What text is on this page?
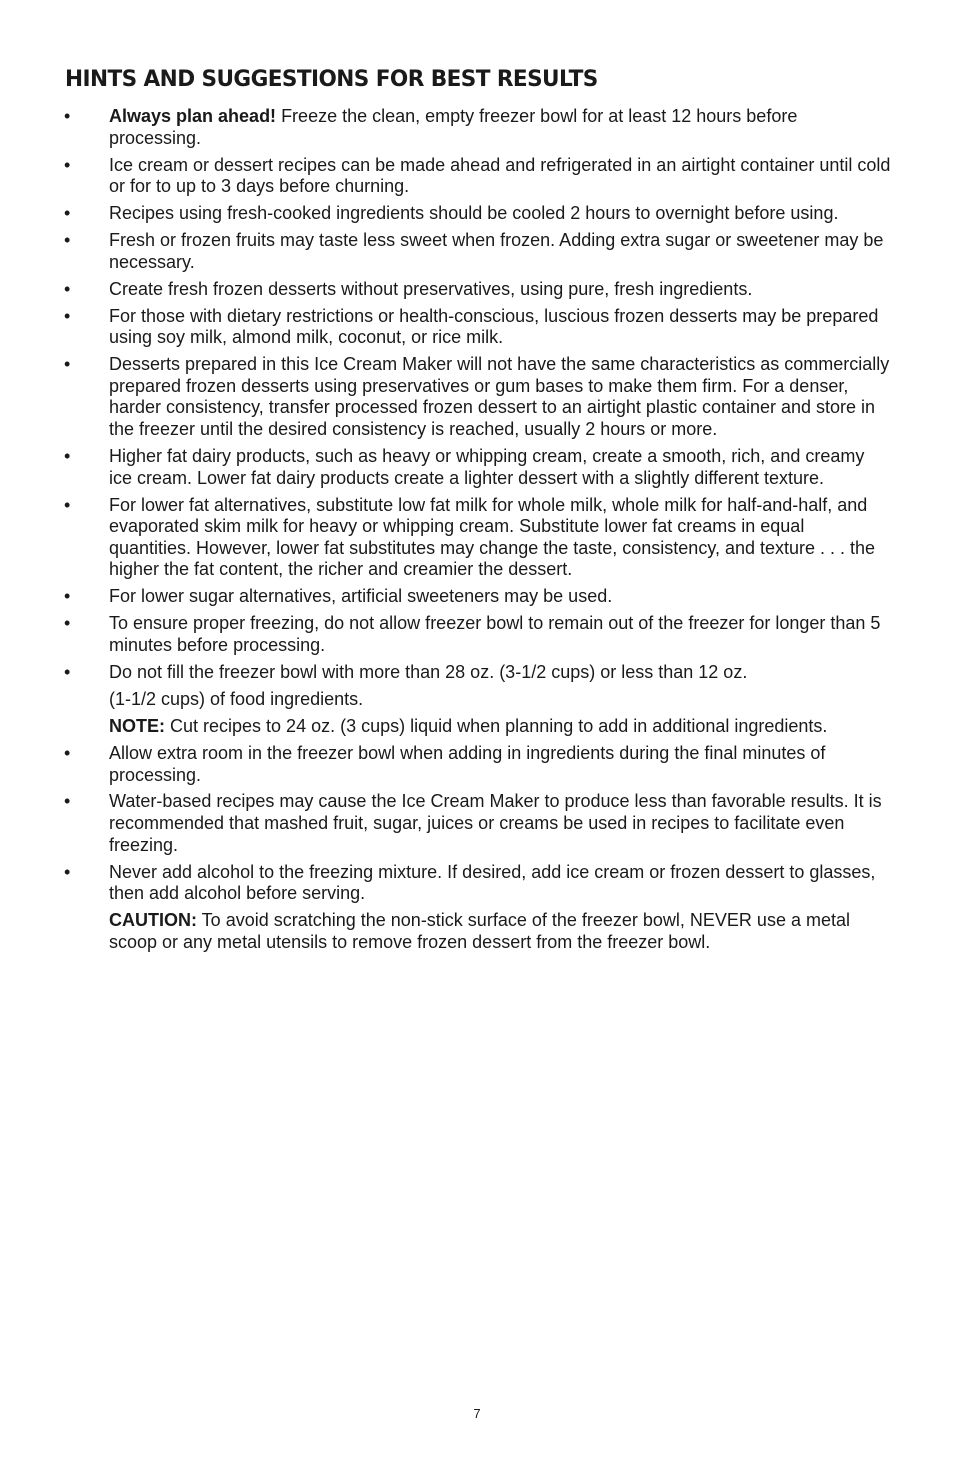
HINTS AND SUGGESTIONS FOR BEST RESULTS
• Always plan ahead! Freeze the clean, empty freezer bowl for at least 12 hours before processing.
• Ice cream or dessert recipes can be made ahead and refrigerated in an airtight container until cold or for to up to 3 days before churning.
• Recipes using fresh-cooked ingredients should be cooled 2 hours to overnight before using.
• Fresh or frozen fruits may taste less sweet when frozen. Adding extra sugar or sweetener may be necessary.
• Create fresh frozen desserts without preservatives, using pure, fresh ingredients.
• For those with dietary restrictions or health-conscious, luscious frozen desserts may be prepared using soy milk, almond milk, coconut, or rice milk.
• Desserts prepared in this Ice Cream Maker will not have the same characteristics as commercially prepared frozen desserts using preservatives or gum bases to make them firm. For a denser, harder consistency, transfer processed frozen dessert to an airtight plastic container and store in the freezer until the desired consistency is reached, usually 2 hours or more.
• Higher fat dairy products, such as heavy or whipping cream, create a smooth, rich, and creamy ice cream. Lower fat dairy products create a lighter dessert with a slightly different texture.
• For lower fat alternatives, substitute low fat milk for whole milk, whole milk for half-and-half, and evaporated skim milk for heavy or whipping cream. Substitute lower fat creams in equal quantities. However, lower fat substitutes may change the taste, consistency, and texture . . . the higher the fat content, the richer and creamier the dessert.
• For lower sugar alternatives, artificial sweeteners may be used.
• To ensure proper freezing, do not allow freezer bowl to remain out of the freezer for longer than 5 minutes before processing.
• Do not fill the freezer bowl with more than 28 oz. (3-1/2 cups) or less than 12 oz.
(1-1/2 cups) of food ingredients.
NOTE: Cut recipes to 24 oz. (3 cups) liquid when planning to add in additional ingredients.
• Allow extra room in the freezer bowl when adding in ingredients during the final minutes of processing.
• Water-based recipes may cause the Ice Cream Maker to produce less than favorable results. It is recommended that mashed fruit, sugar, juices or creams be used in recipes to facilitate even freezing.
• Never add alcohol to the freezing mixture. If desired, add ice cream or frozen dessert to glasses, then add alcohol before serving.
CAUTION: To avoid scratching the non-stick surface of the freezer bowl, NEVER use a metal scoop or any metal utensils to remove frozen dessert from the freezer bowl.
7
